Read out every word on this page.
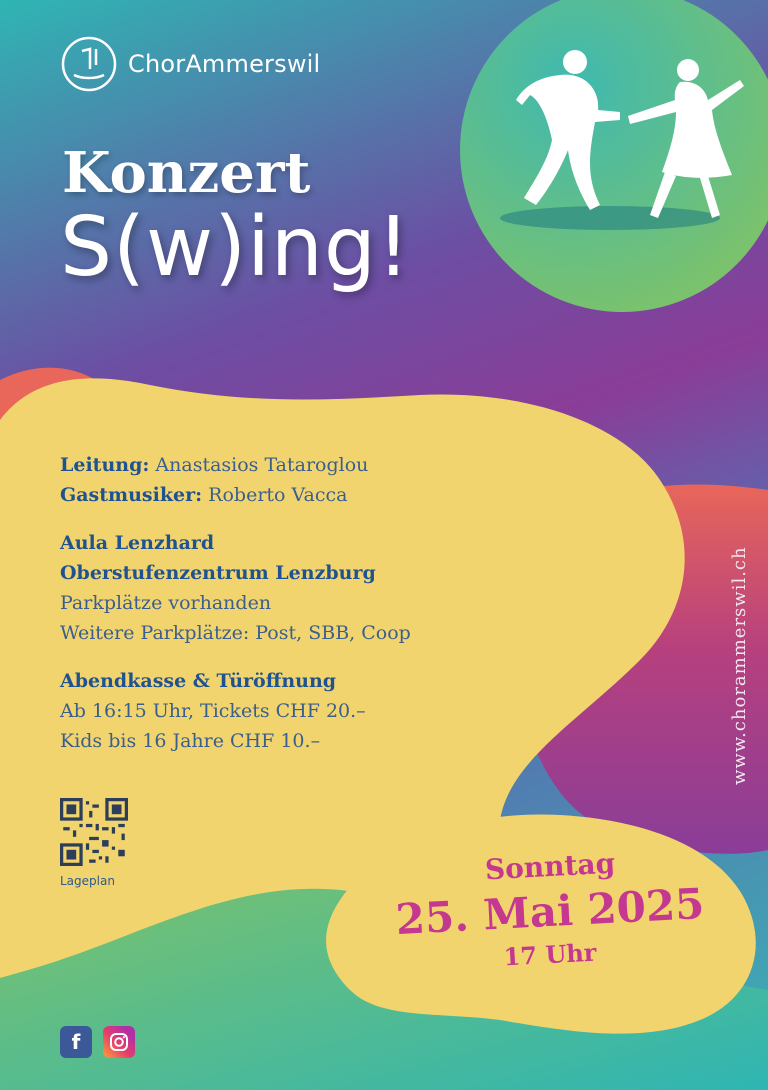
ChorAmmerswil
Konzert
S(w)ing!
Leitung: Anastasios Tataroglou
Gastmusiker: Roberto Vacca
Aula Lenzhard
Oberstufenzentrum Lenzburg
Parkplätze vorhanden
Weitere Parkplätze: Post, SBB, Coop
Abendkasse & Türöffnung
Ab 16:15 Uhr, Tickets CHF 20.–
Kids bis 16 Jahre CHF 10.–
Lageplan	Sonntag
25. Mai 2025
17 Uhr
www.chorammerswil.ch
f
